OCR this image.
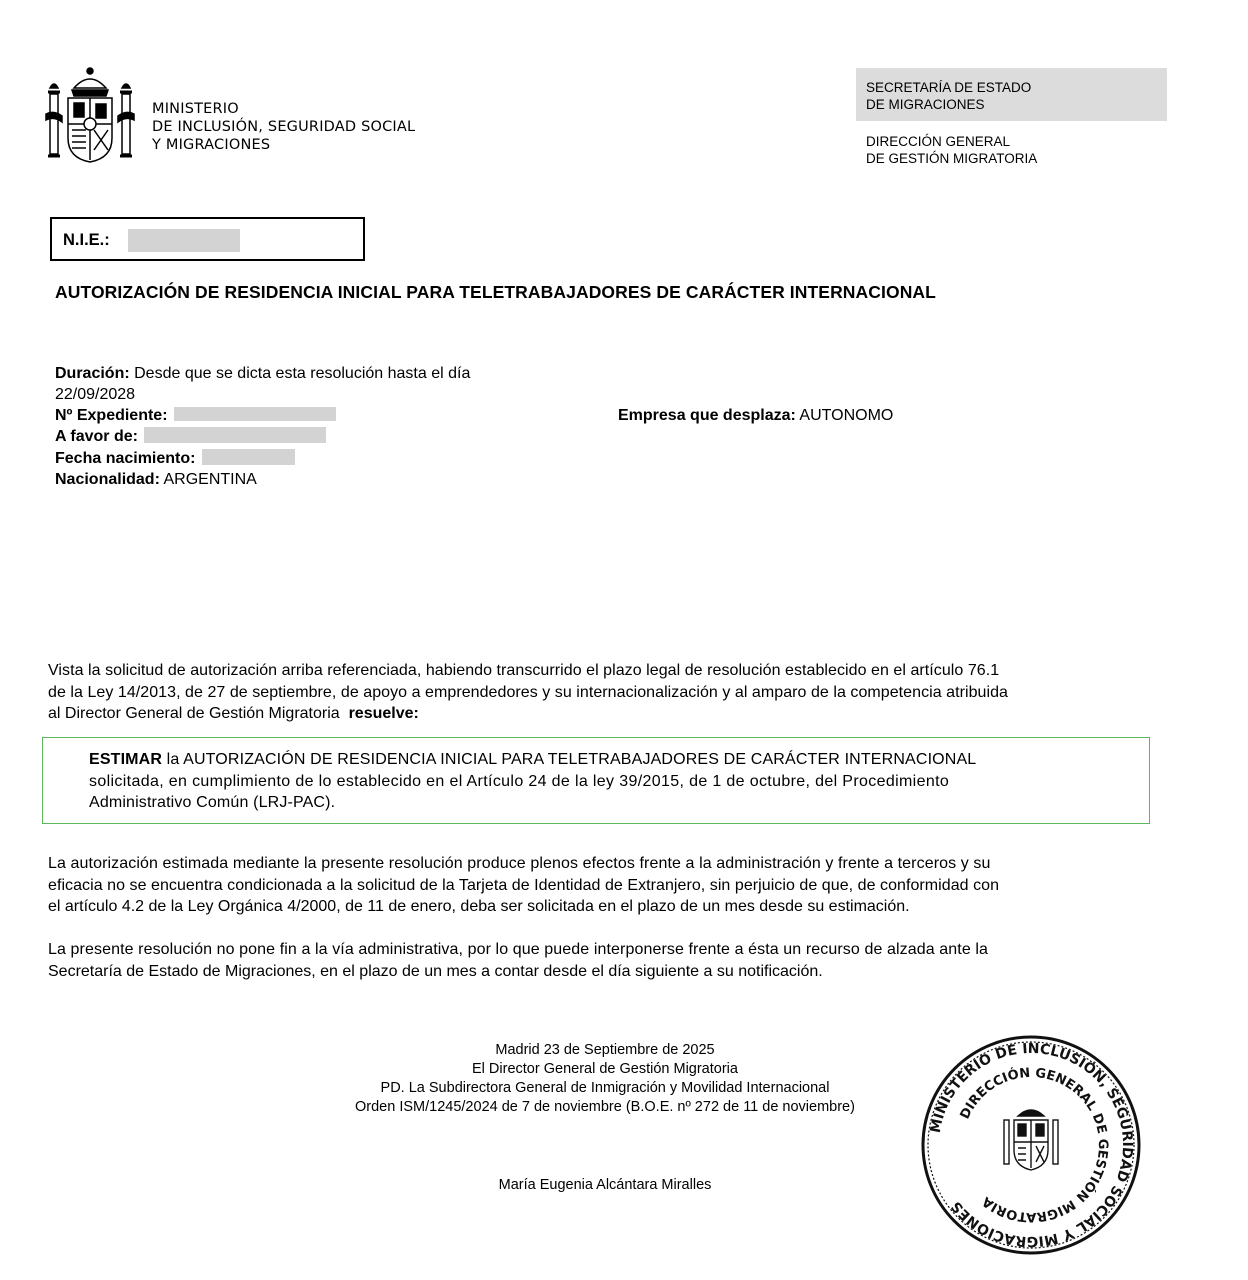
MINISTERIO
DE INCLUSIÓN, SEGURIDAD SOCIAL
Y MIGRACIONES
SECRETARÍA DE ESTADO
DE MIGRACIONES
DIRECCIÓN GENERAL
DE GESTIÓN MIGRATORIA
N.I.E.:
AUTORIZACIÓN DE RESIDENCIA INICIAL PARA TELETRABAJADORES DE CARÁCTER INTERNACIONAL
Duración: Desde que se dicta esta resolución hasta el día
22/09/2028
Nº Expediente:
A favor de:
Fecha nacimiento:
Nacionalidad: ARGENTINA
Empresa que desplaza: AUTONOMO
Vista la solicitud de autorización arriba referenciada, habiendo transcurrido el plazo legal de resolución establecido en el artículo 76.1
de la Ley 14/2013, de 27 de septiembre, de apoyo a emprendedores y su internacionalización y al amparo de la competencia atribuida
al Director General de Gestión Migratoria resuelve:
ESTIMAR la AUTORIZACIÓN DE RESIDENCIA INICIAL PARA TELETRABAJADORES DE CARÁCTER INTERNACIONAL
solicitada, en cumplimiento de lo establecido en el Artículo 24 de la ley 39/2015, de 1 de octubre, del Procedimiento
Administrativo Común (LRJ-PAC).
La autorización estimada mediante la presente resolución produce plenos efectos frente a la administración y frente a terceros y su
eficacia no se encuentra condicionada a la solicitud de la Tarjeta de Identidad de Extranjero, sin perjuicio de que, de conformidad con
el artículo 4.2 de la Ley Orgánica 4/2000, de 11 de enero, deba ser solicitada en el plazo de un mes desde su estimación.
La presente resolución no pone fin a la vía administrativa, por lo que puede interponerse frente a ésta un recurso de alzada ante la
Secretaría de Estado de Migraciones, en el plazo de un mes a contar desde el día siguiente a su notificación.
Madrid 23 de Septiembre de 2025
El Director General de Gestión Migratoria
PD. La Subdirectora General de Inmigración y Movilidad Internacional
Orden ISM/1245/2024 de 7 de noviembre (B.O.E. nº 272 de 11 de noviembre)
María Eugenia Alcántara Miralles
MINISTERIO DE INCLUSIÓN, SEGURIDAD SOCIAL Y MIGRACIONES
DIRECCIÓN GENERAL DE GESTIÓN MIGRATORIA
